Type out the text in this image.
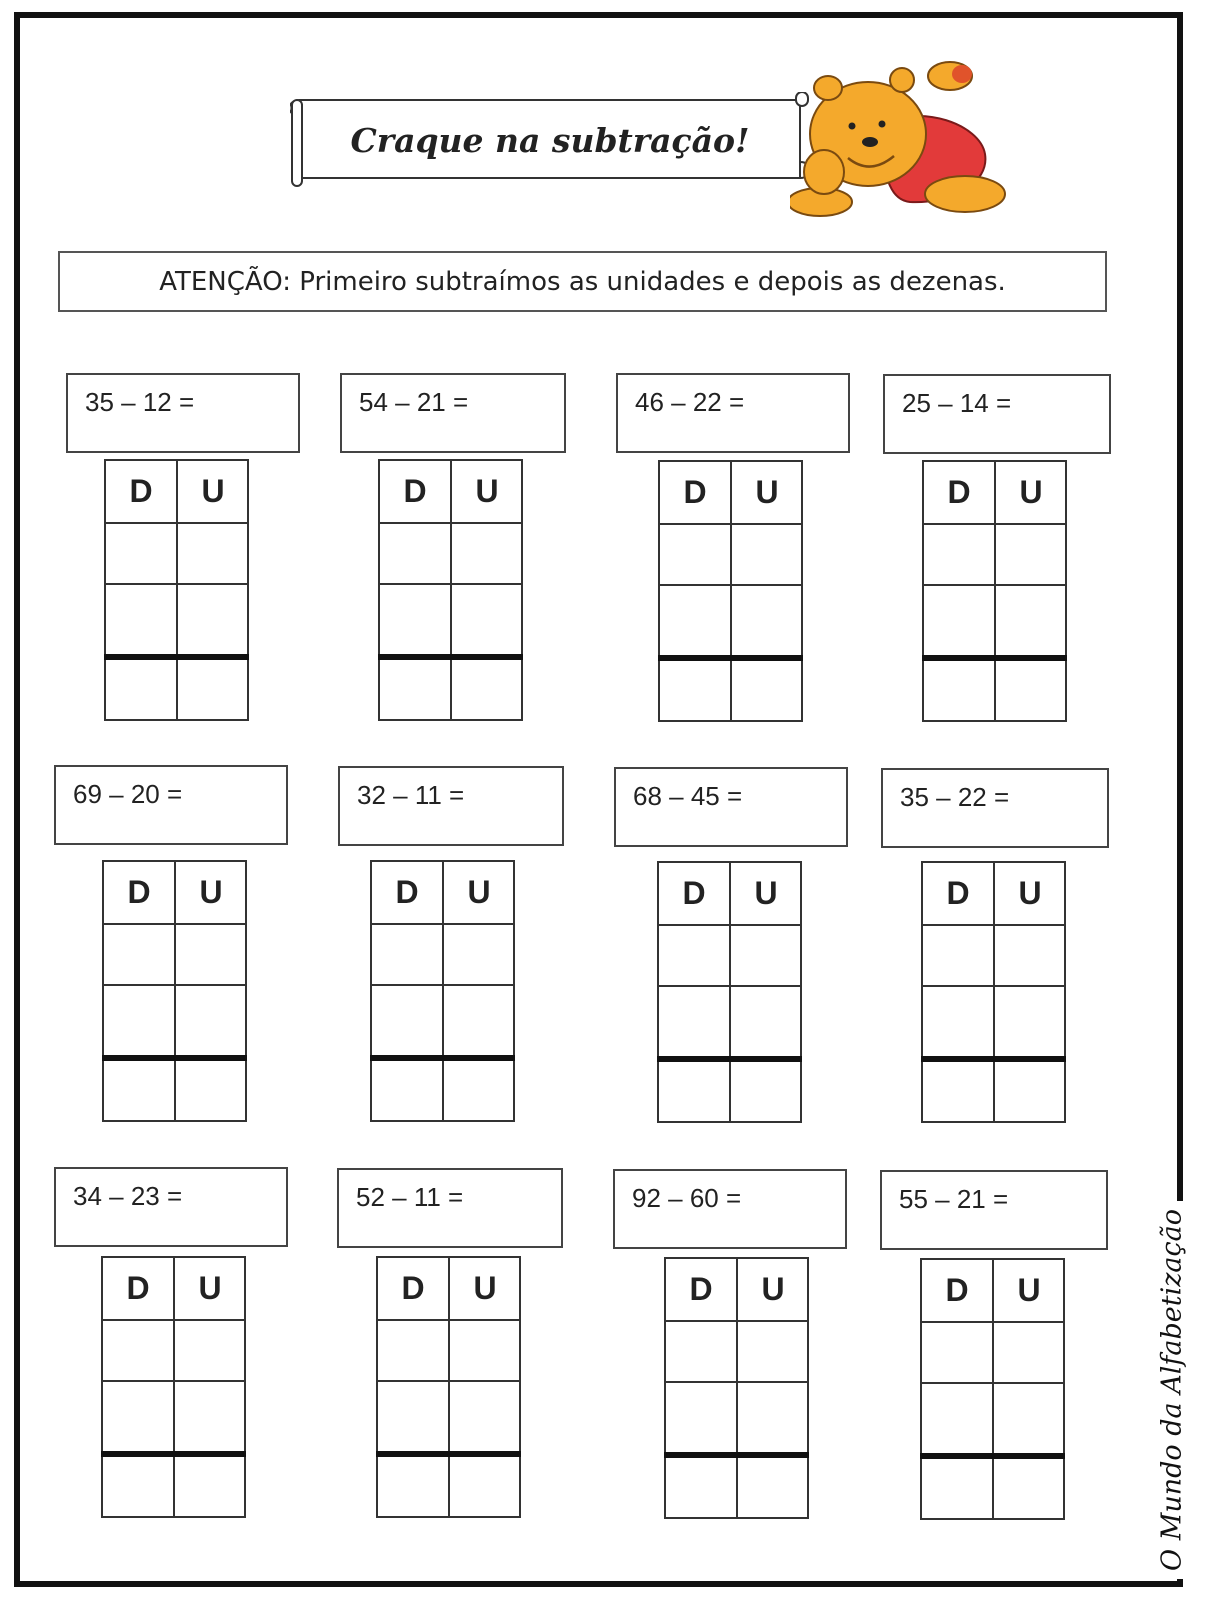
O Mundo da Alfabetização
Craque na subtração!
ATENÇÃO: Primeiro subtraímos as unidades e depois as dezenas.
35 – 12 =	54 – 21 =	46 – 22 =	25 – 14 =
D	U	D	U	D	U	D	U
69 – 20 =	32 – 11 =	68 – 45 =	35 – 22 =
D	U	D	U	D	U	D	U
34 – 23 =	52 – 11 =	92 – 60 =	55 – 21 =
D	U	D	U	D	U	D	U
